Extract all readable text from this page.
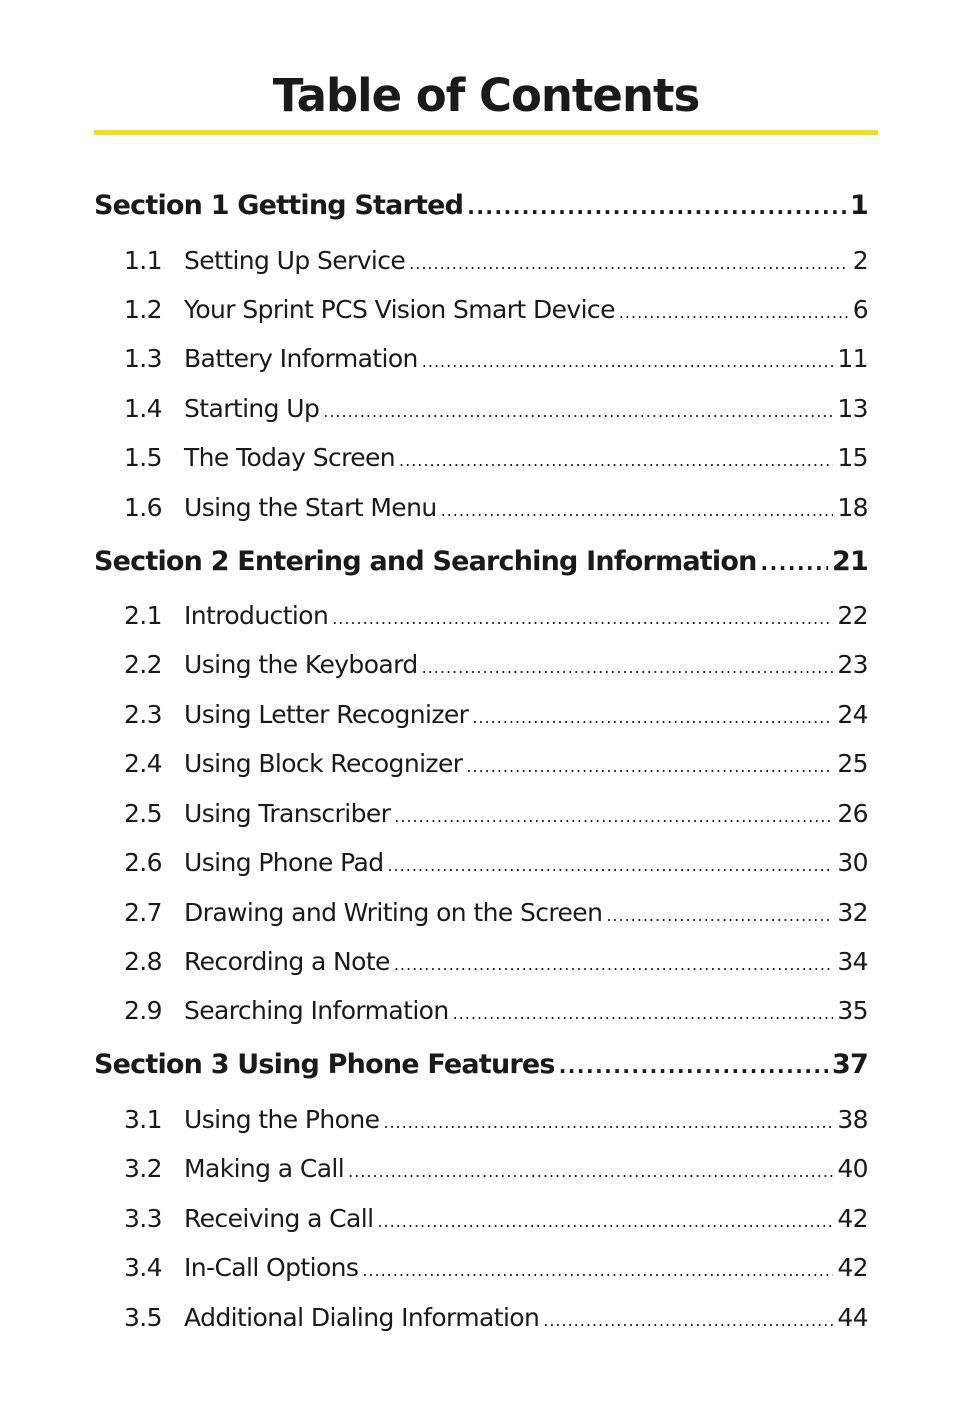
Table of Contents
Section 1 Getting Started .....	1
1.1 Setting Up Service .....	2
1.2 Your Sprint PCS Vision Smart Device .....	6
1.3 Battery Information .....	11
1.4 Starting Up .....	13
1.5 The Today Screen .....	15
1.6 Using the Start Menu .....	18
Section 2 Entering and Searching Information .....	21
2.1 Introduction .....	22
2.2 Using the Keyboard .....	23
2.3 Using Letter Recognizer .....	24
2.4 Using Block Recognizer .....	25
2.5 Using Transcriber .....	26
2.6 Using Phone Pad .....	30
2.7 Drawing and Writing on the Screen .....	32
2.8 Recording a Note .....	34
2.9 Searching Information .....	35
Section 3 Using Phone Features .....	37
3.1 Using the Phone .....	38
3.2 Making a Call .....	40
3.3 Receiving a Call .....	42
3.4 In-Call Options .....	42
3.5 Additional Dialing Information .....	44
